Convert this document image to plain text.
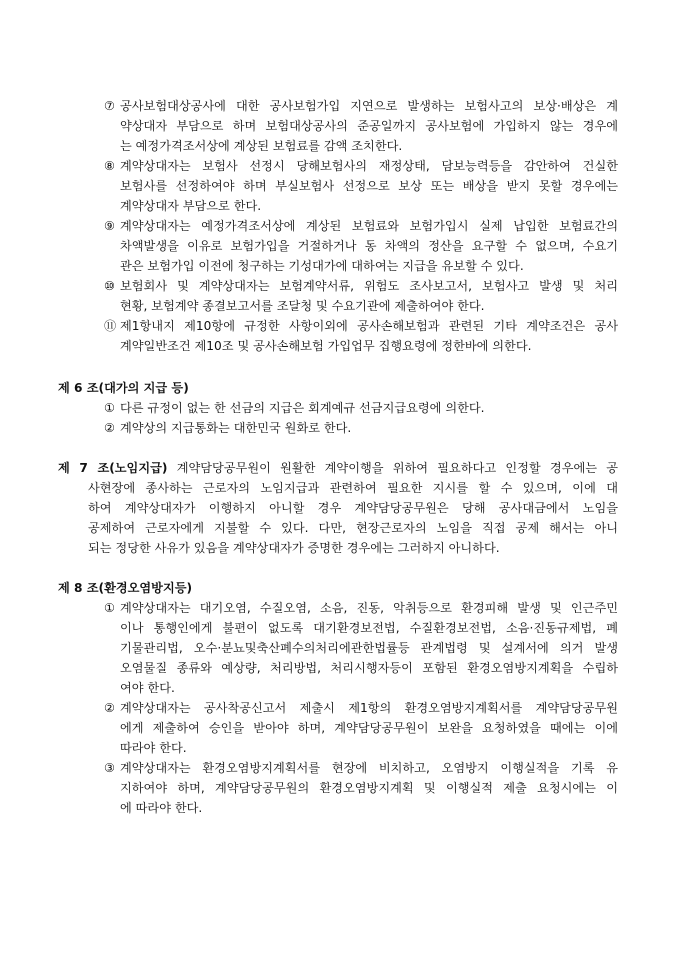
⑦ 공사보험대상공사에 대한 공사보험가입 지연으로 발생하는 보험사고의 보상·배상은 계
약상대자 부담으로 하며 보험대상공사의 준공일까지 공사보험에 가입하지 않는 경우에
는 예정가격조서상에 계상된 보험료를 감액 조치한다.
⑧ 계약상대자는 보험사 선정시 당해보험사의 재정상태, 담보능력등을 감안하여 건실한
보험사를 선정하여야 하며 부실보험사 선정으로 보상 또는 배상을 받지 못할 경우에는
계약상대자 부담으로 한다.
⑨ 계약상대자는 예정가격조서상에 계상된 보험료와 보험가입시 실제 납입한 보험료간의
차액발생을 이유로 보험가입을 거절하거나 동 차액의 정산을 요구할 수 없으며, 수요기
관은 보험가입 이전에 청구하는 기성대가에 대하여는 지급을 유보할 수 있다.
⑩ 보험회사 및 계약상대자는 보험계약서류, 위험도 조사보고서, 보험사고 발생 및 처리
현황, 보험계약 종결보고서를 조달청 및 수요기관에 제출하여야 한다.
⑪ 제1항내지 제10항에 규정한 사항이외에 공사손해보험과 관련된 기타 계약조건은 공사
계약일반조건 제10조 및 공사손해보험 가입업무 집행요령에 정한바에 의한다.
제 6 조(대가의 지급 등)
① 다른 규정이 없는 한 선금의 지급은 회계예규 선금지급요령에 의한다.
② 계약상의 지급통화는 대한민국 원화로 한다.
제 7 조(노임지급) 계약담당공무원이 원활한 계약이행을 위하여 필요하다고 인정할 경우에는 공
사현장에 종사하는 근로자의 노임지급과 관련하여 필요한 지시를 할 수 있으며, 이에 대
하여 계약상대자가 이행하지 아니할 경우 계약담당공무원은 당해 공사대금에서 노임을
공제하여 근로자에게 지불할 수 있다. 다만, 현장근로자의 노임을 직접 공제 해서는 아니
되는 정당한 사유가 있음을 계약상대자가 증명한 경우에는 그러하지 아니하다.
제 8 조(환경오염방지등)
① 계약상대자는 대기오염, 수질오염, 소음, 진동, 악취등으로 환경피해 발생 및 인근주민
이나 통행인에게 불편이 없도록 대기환경보전법, 수질환경보전법, 소음·진동규제법, 폐
기물관리법, 오수·분뇨및축산폐수의처리에관한법률등 관계법령 및 설계서에 의거 발생
오염물질 종류와 예상량, 처리방법, 처리시행자등이 포함된 환경오염방지계획을 수립하
여야 한다.
② 계약상대자는 공사착공신고서 제출시 제1항의 환경오염방지계획서를 계약담당공무원
에게 제출하여 승인을 받아야 하며, 계약담당공무원이 보완을 요청하였을 때에는 이에
따라야 한다.
③ 계약상대자는 환경오염방지계획서를 현장에 비치하고, 오염방지 이행실적을 기록 유
지하여야 하며, 계약담당공무원의 환경오염방지계획 및 이행실적 제출 요청시에는 이
에 따라야 한다.
